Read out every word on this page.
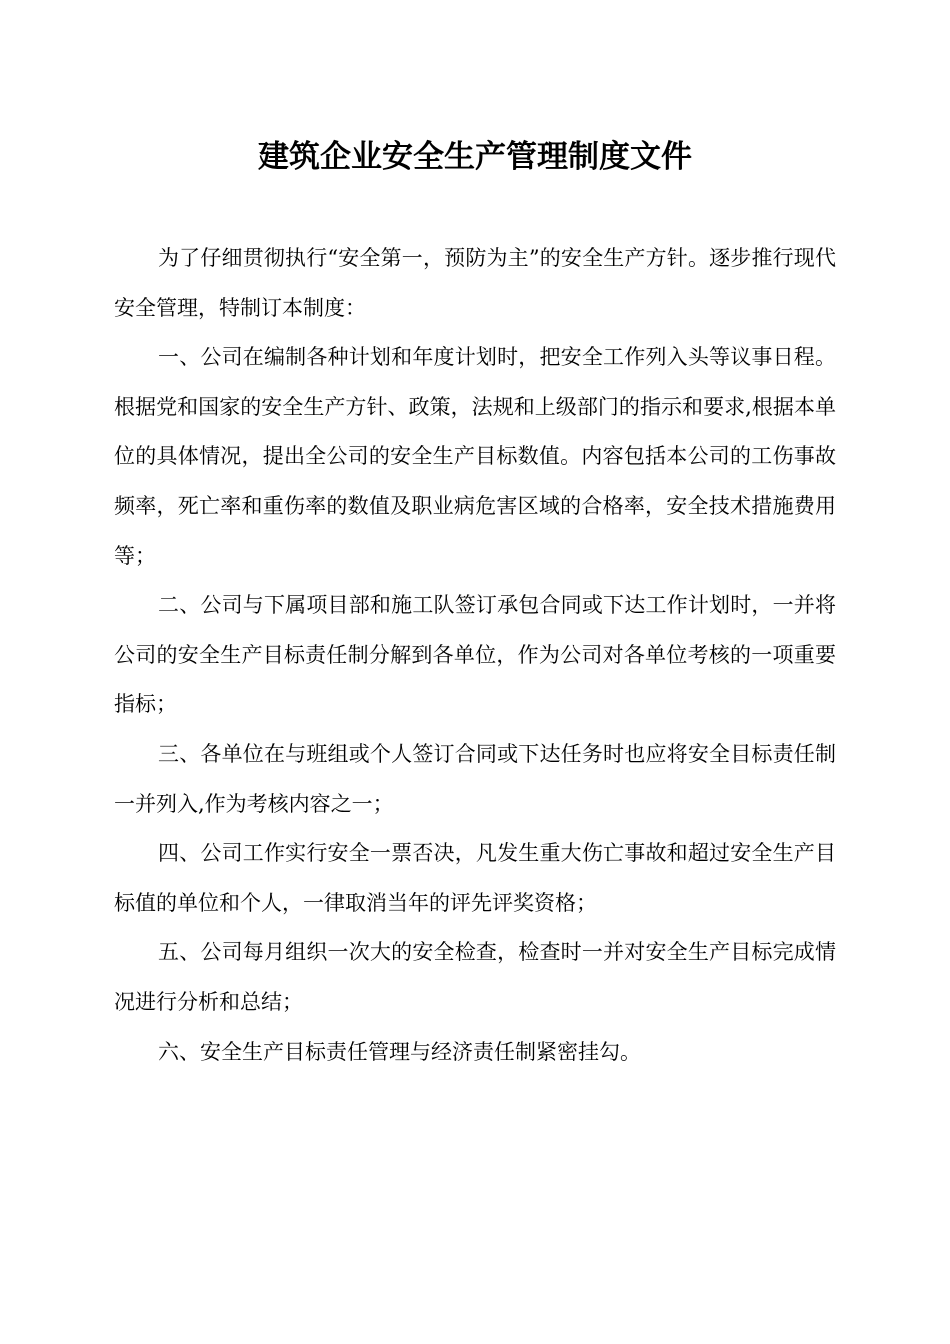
建筑企业安全生产管理制度文件

为了仔细贯彻执行“安全第一，预防为主”的安全生产方针。逐步推行现代安全管理，特制订本制度：

一、公司在编制各种计划和年度计划时，把安全工作列入头等议事日程。根据党和国家的安全生产方针、政策，法规和上级部门的指示和要求,根据本单位的具体情况，提出全公司的安全生产目标数值。内容包括本公司的工伤事故频率，死亡率和重伤率的数值及职业病危害区域的合格率，安全技术措施费用等；

二、公司与下属项目部和施工队签订承包合同或下达工作计划时，一并将公司的安全生产目标责任制分解到各单位，作为公司对各单位考核的一项重要指标；

三、各单位在与班组或个人签订合同或下达任务时也应将安全目标责任制一并列入,作为考核内容之一；

四、公司工作实行安全一票否决，凡发生重大伤亡事故和超过安全生产目标值的单位和个人，一律取消当年的评先评奖资格；

五、公司每月组织一次大的安全检查，检查时一并对安全生产目标完成情况进行分析和总结；

六、安全生产目标责任管理与经济责任制紧密挂勾。
